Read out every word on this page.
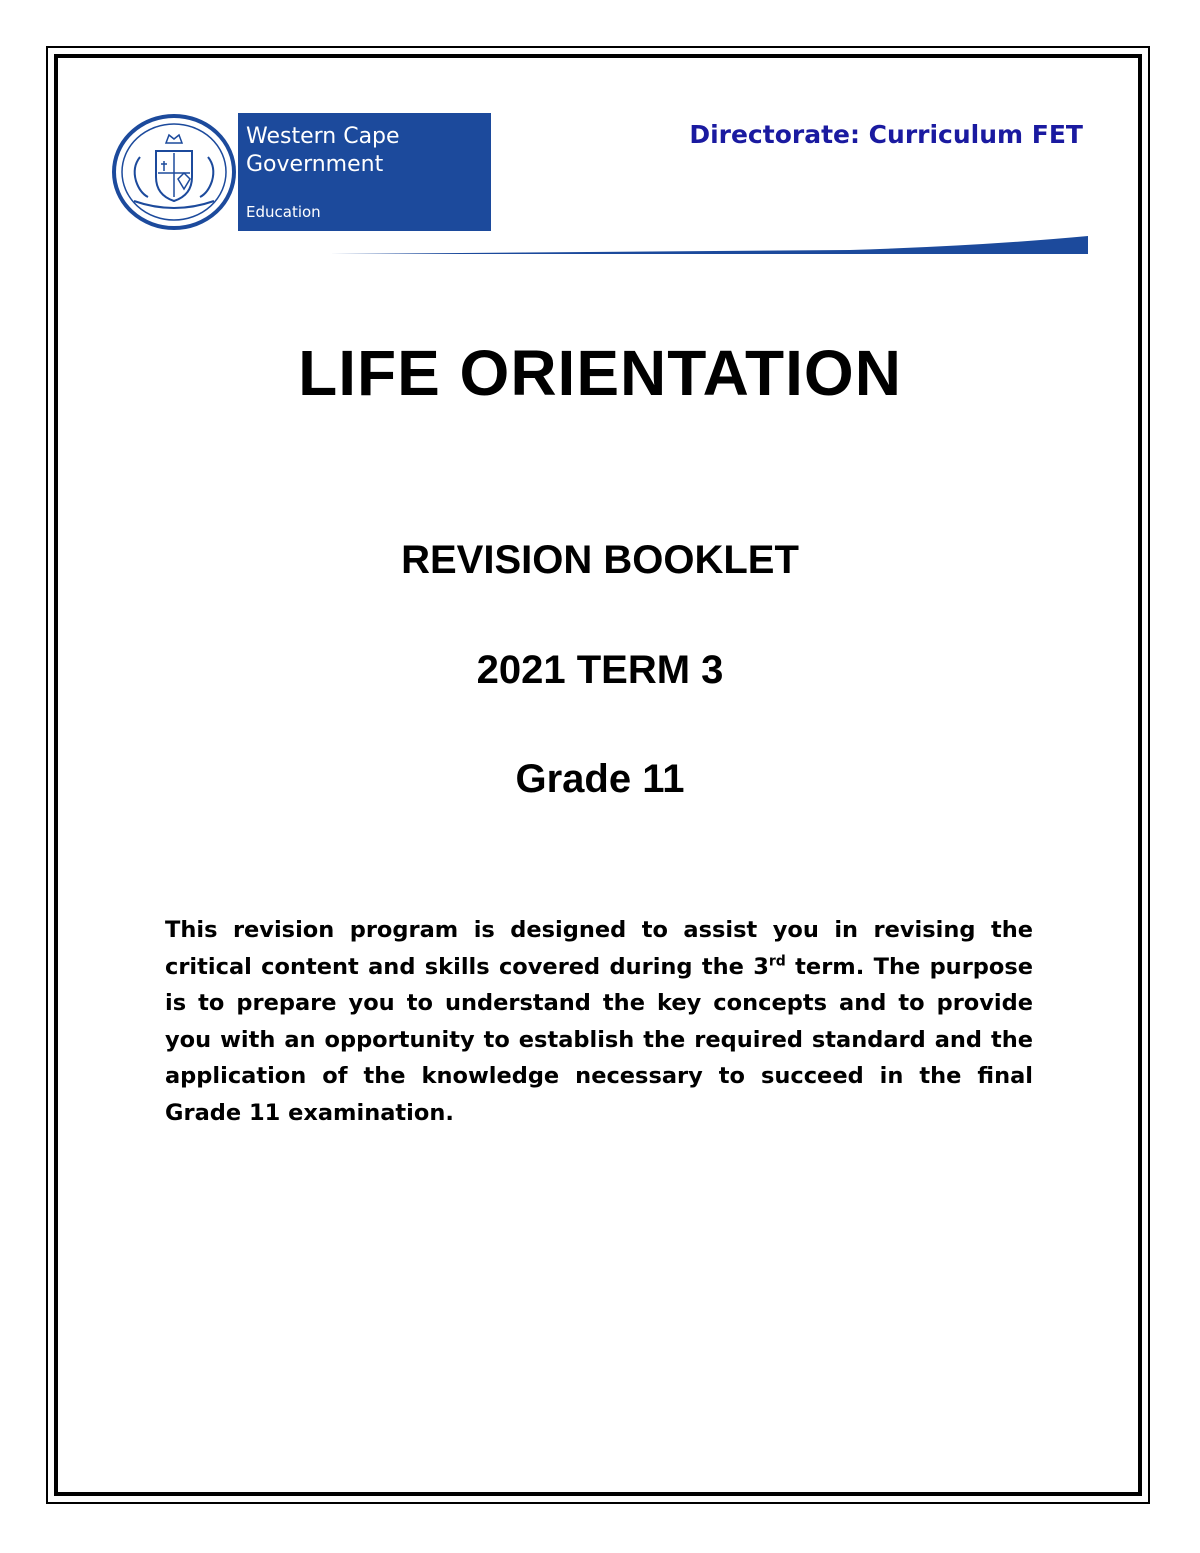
Western Cape
Government
Education
Directorate: Curriculum FET
LIFE ORIENTATION
REVISION BOOKLET
2021 TERM 3
Grade 11

This revision program is designed to assist you in revising the critical content and skills covered during the 3rd term. The purpose is to prepare you to understand the key concepts and to provide you with an opportunity to establish the required standard and the application of the knowledge necessary to succeed in the final Grade 11 examination.
